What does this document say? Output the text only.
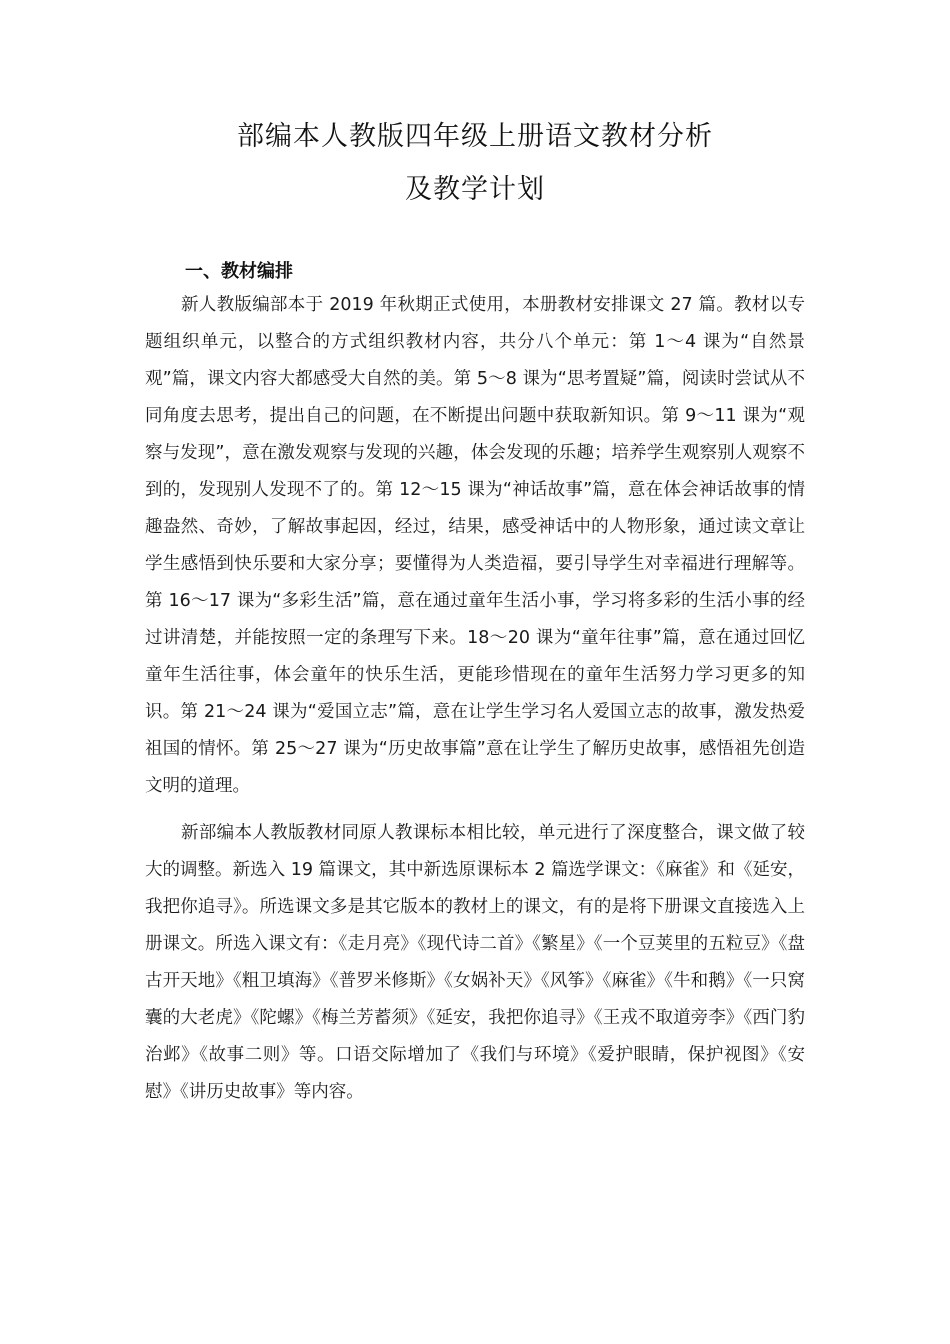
部编本人教版四年级上册语文教材分析
及教学计划
一、教材编排

新人教版编部本于 2019 年秋期正式使用，本册教材安排课文 27 篇。教材以专题组织单元，以整合的方式组织教材内容，共分八个单元：第 1～4 课为“自然景观”篇，课文内容大都感受大自然的美。第 5～8 课为“思考置疑”篇，阅读时尝试从不同角度去思考，提出自己的问题，在不断提出问题中获取新知识。第 9～11 课为“观察与发现”，意在激发观察与发现的兴趣，体会发现的乐趣；培养学生观察别人观察不到的，发现别人发现不了的。第 12～15 课为“神话故事”篇，意在体会神话故事的情趣盎然、奇妙，了解故事起因，经过，结果，感受神话中的人物形象，通过读文章让学生感悟到快乐要和大家分享；要懂得为人类造福，要引导学生对幸福进行理解等。第 16～17 课为“多彩生活”篇，意在通过童年生活小事，学习将多彩的生活小事的经过讲清楚，并能按照一定的条理写下来。18～20 课为“童年往事”篇，意在通过回忆童年生活往事，体会童年的快乐生活，更能珍惜现在的童年生活努力学习更多的知识。第 21～24 课为“爱国立志”篇，意在让学生学习名人爱国立志的故事，激发热爱祖国的情怀。第 25～27 课为“历史故事篇”意在让学生了解历史故事，感悟祖先创造文明的道理。

新部编本人教版教材同原人教课标本相比较，单元进行了深度整合，课文做了较大的调整。新选入 19 篇课文，其中新选原课标本 2 篇选学课文：《麻雀》和《延安，我把你追寻》。所选课文多是其它版本的教材上的课文，有的是将下册课文直接选入上册课文。所选入课文有：《走月亮》《现代诗二首》《繁星》《一个豆荚里的五粒豆》《盘古开天地》《粗卫填海》《普罗米修斯》《女娲补天》《风筝》《麻雀》《牛和鹅》《一只窝囊的大老虎》《陀螺》《梅兰芳蓄须》《延安，我把你追寻》《王戎不取道旁李》《西门豹治邺》《故事二则》等。口语交际增加了《我们与环境》《爱护眼睛，保护视图》《安慰》《讲历史故事》等内容。
